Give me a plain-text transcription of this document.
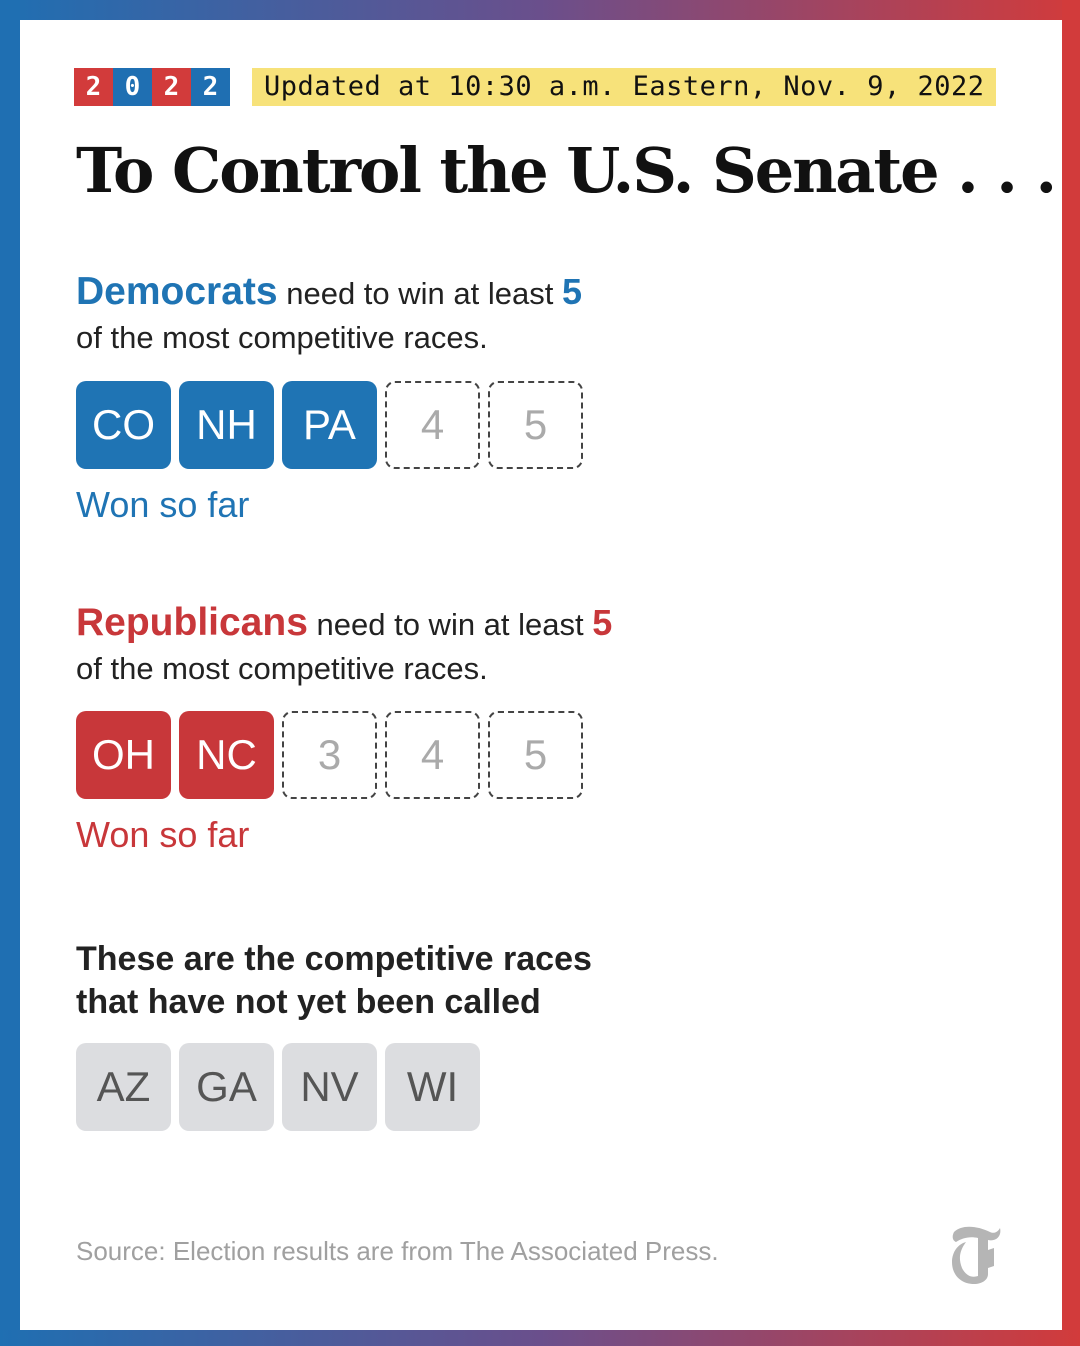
2 0 2 2	Updated at 10:30 a.m. Eastern, Nov. 9, 2022
To Control the U.S. Senate . . .
Democrats need to win at least 5
of the most competitive races.
CO NH	PA	4	5
Won so far
Republicans need to win at least 5
of the most competitive races.
OH NC	3	4	5
Won so far
These are the competitive races
that have not yet been called
AZ	GA	NV	WI
Source: Election results are from The Associated Press.
